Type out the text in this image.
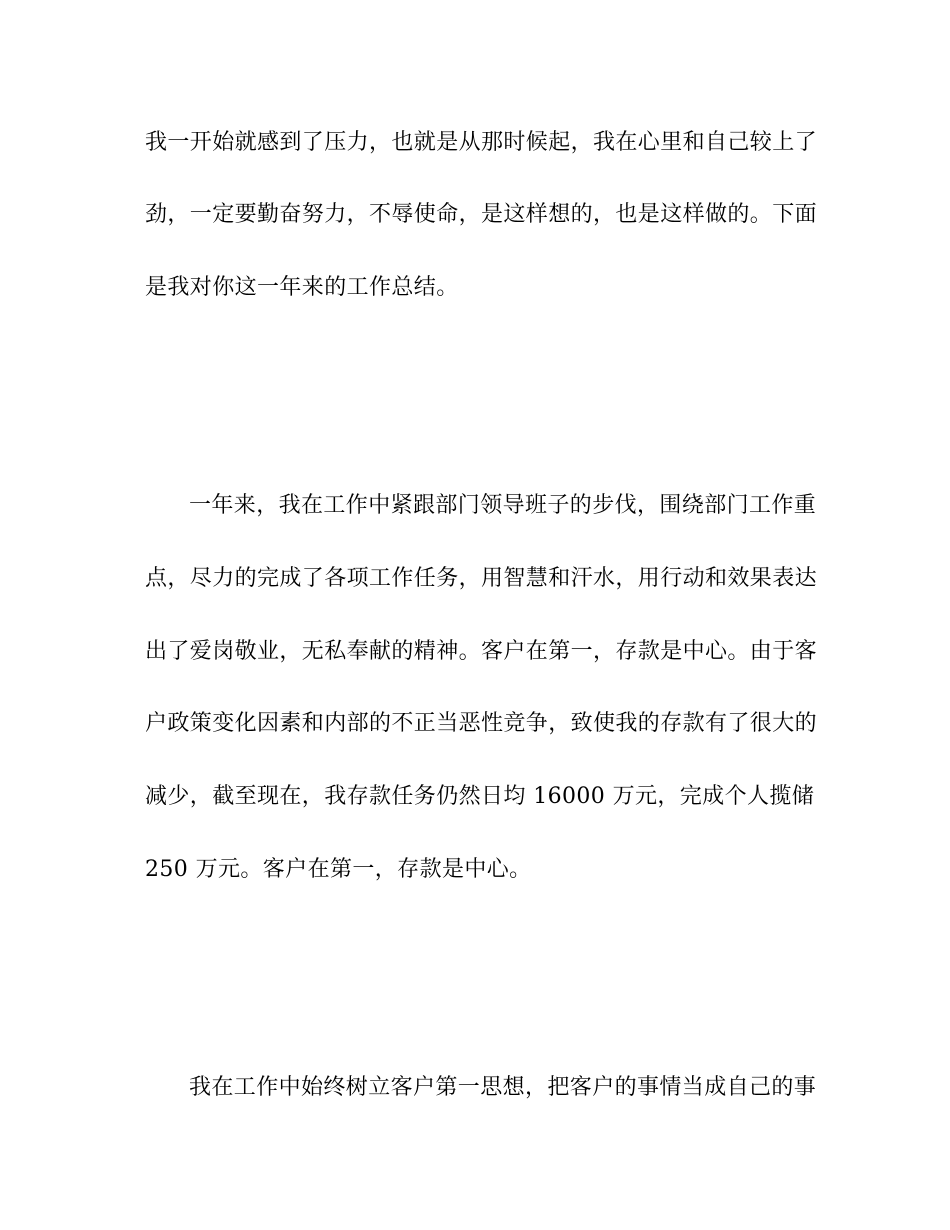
我一开始就感到了压力，也就是从那时候起，我在心里和自己较上了
劲，一定要勤奋努力，不辱使命，是这样想的，也是这样做的。下面
是我对你这一年来的工作总结。
一年来，我在工作中紧跟部门领导班子的步伐，围绕部门工作重
点，尽力的完成了各项工作任务，用智慧和汗水，用行动和效果表达
出了爱岗敬业，无私奉献的精神。客户在第一，存款是中心。由于客
户政策变化因素和内部的不正当恶性竞争，致使我的存款有了很大的
减少，截至现在，我存款任务仍然日均 16000 万元，完成个人揽储
250 万元。客户在第一，存款是中心。
我在工作中始终树立客户第一思想，把客户的事情当成自己的事
